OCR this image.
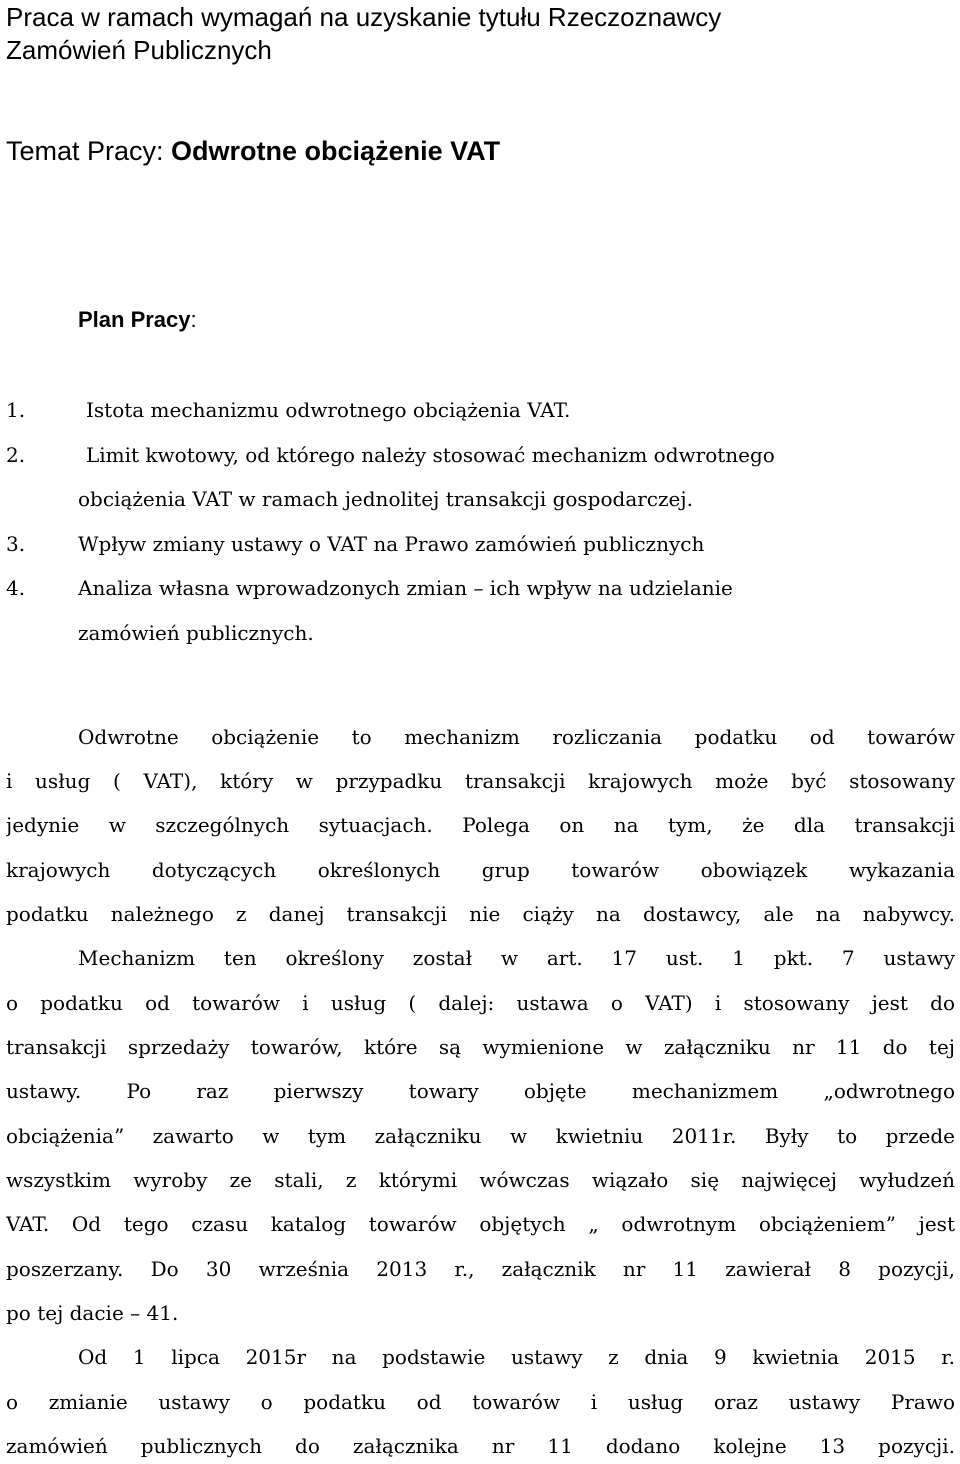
Praca w ramach wymagań na uzyskanie tytułu Rzeczoznawcy
Zamówień Publicznych
Temat Pracy: Odwrotne obciążenie VAT
Plan Pracy:
1.	Istota mechanizmu odwrotnego obciążenia VAT.
2.	Limit kwotowy, od którego należy stosować mechanizm odwrotnego
obciążenia VAT w ramach jednolitej transakcji gospodarczej.
3.	Wpływ zmiany ustawy o VAT na Prawo zamówień publicznych
4.	Analiza własna wprowadzonych zmian – ich wpływ na udzielanie
zamówień publicznych.
Odwrotne obciążenie to mechanizm rozliczania podatku od towarów
i usług ( VAT), który w przypadku transakcji krajowych może być stosowany
jedynie w szczególnych sytuacjach. Polega on na tym, że dla transakcji
krajowych dotyczących określonych grup towarów obowiązek wykazania
podatku należnego z danej transakcji nie ciąży na dostawcy, ale na nabywcy.
Mechanizm ten określony został w art. 17 ust. 1 pkt. 7 ustawy
o podatku od towarów i usług ( dalej: ustawa o VAT) i stosowany jest do
transakcji sprzedaży towarów, które są wymienione w załączniku nr 11 do tej
ustawy. Po raz pierwszy towary objęte mechanizmem „odwrotnego
obciążenia” zawarto w tym załączniku w kwietniu 2011r. Były to przede
wszystkim wyroby ze stali, z którymi wówczas wiązało się najwięcej wyłudzeń
VAT. Od tego czasu katalog towarów objętych „ odwrotnym obciążeniem” jest
poszerzany. Do 30 września 2013 r., załącznik nr 11 zawierał 8 pozycji,
po tej dacie – 41.
Od 1 lipca 2015r na podstawie ustawy z dnia 9 kwietnia 2015 r.
o zmianie ustawy o podatku od towarów i usług oraz ustawy Prawo
zamówień publicznych do załącznika nr 11 dodano kolejne 13 pozycji.
